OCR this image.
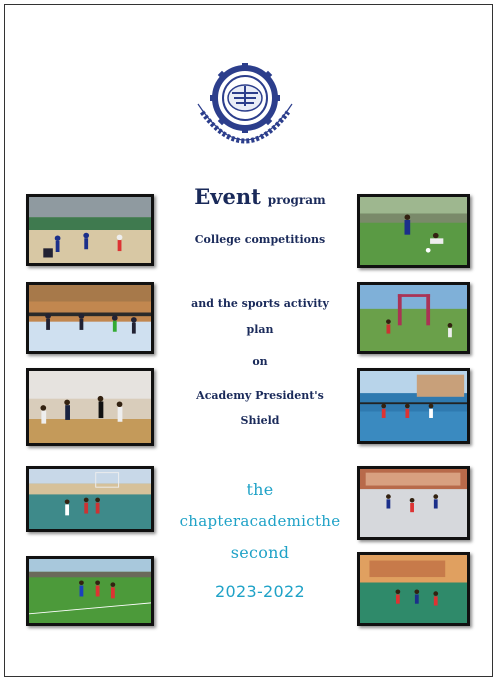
Event program
College competitions
and the sports activity
plan
on
Academy President's
Shield
the
chapteracademicthe
second
2023-2022
